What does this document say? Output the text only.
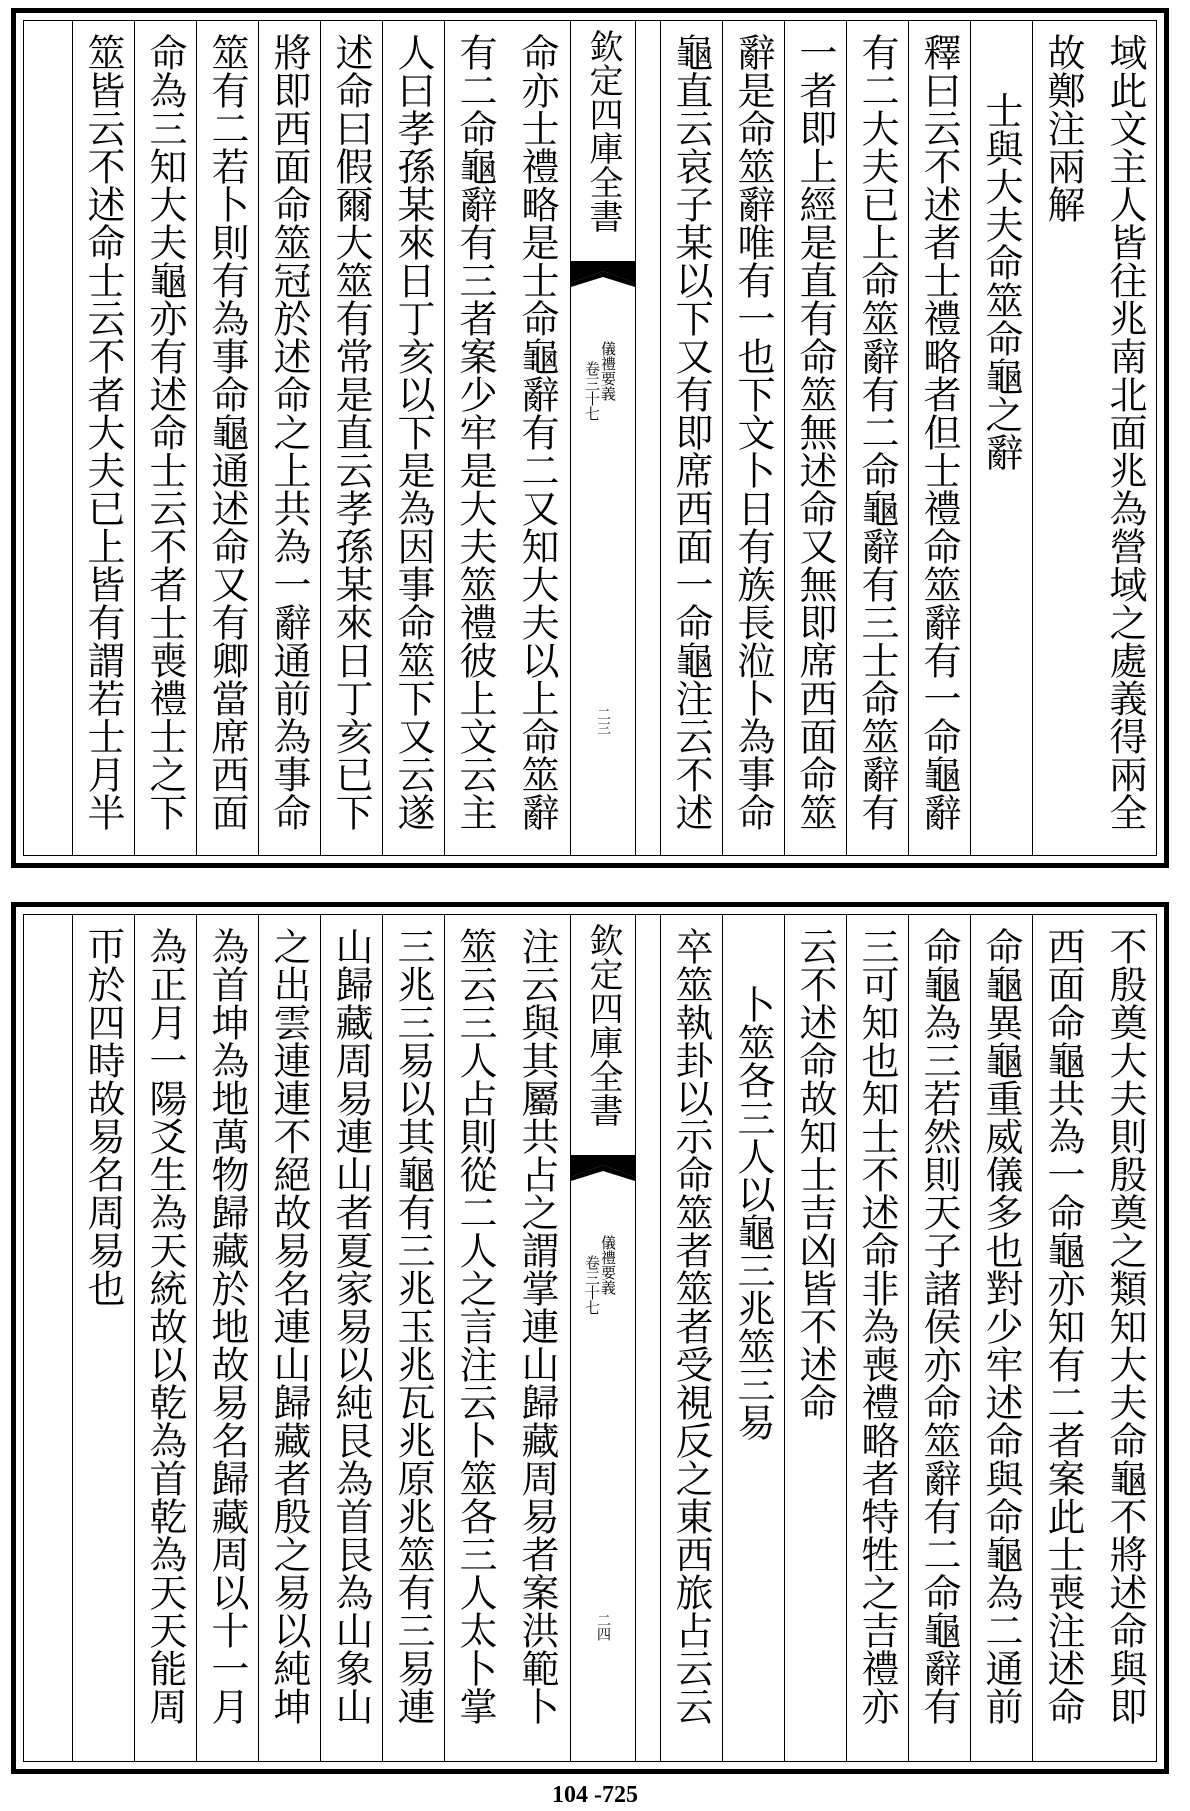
域此文主人皆往兆南北面兆為營域之處義得兩全
故鄭注兩解
士與大夫命筮命龜之辭
釋曰云不述者士禮略者但士禮命筮辭有一命龜辭
有二大夫已上命筮辭有二命龜辭有三士命筮辭有
一者即上經是直有命筮無述命又無即席西面命筮
辭是命筮辭唯有一也下文卜日有族長涖卜為事命
龜直云哀子某以下又有即席西面一命龜注云不述
欽定四庫全書
儀禮要義
卷三十七
二三
命亦士禮略是士命龜辭有二又知大夫以上命筮辭
有二命龜辭有三者案少牢是大夫筮禮彼上文云主
人曰孝孫某來日丁亥以下是為因事命筮下又云遂
述命曰假爾大筮有常是直云孝孫某來日丁亥已下
將即西面命筮冠於述命之上共為一辭通前為事命
筮有二若卜則有為事命龜通述命又有卿當席西面
命為三知大夫龜亦有述命士云不者士喪禮士之下
筮皆云不述命士云不者大夫已上皆有謂若士月半
不殷奠大夫則殷奠之類知大夫命龜不將述命與即
西面命龜共為一命龜亦知有二者案此士喪注述命
命龜異龜重威儀多也對少牢述命與命龜為二通前
命龜為三若然則天子諸侯亦命筮辭有二命龜辭有
三可知也知士不述命非為喪禮略者特牲之吉禮亦
云不述命故知士吉凶皆不述命
卜筮各三人以龜三兆筮三易
卒筮執卦以示命筮者筮者受視反之東西旅占云云
欽定四庫全書
儀禮要義
卷三十七
二四
注云與其屬共占之謂掌連山歸藏周易者案洪範卜
筮云三人占則從二人之言注云卜筮各三人太卜掌
三兆三易以其龜有三兆玉兆瓦兆原兆筮有三易連
山歸藏周易連山者夏家易以純艮為首艮為山象山
之出雲連連不絕故易名連山歸藏者殷之易以純坤
為首坤為地萬物歸藏於地故易名歸藏周以十一月
為正月一陽爻生為天統故以乾為首乾為天天能周
帀於四時故易名周易也
104 -725
